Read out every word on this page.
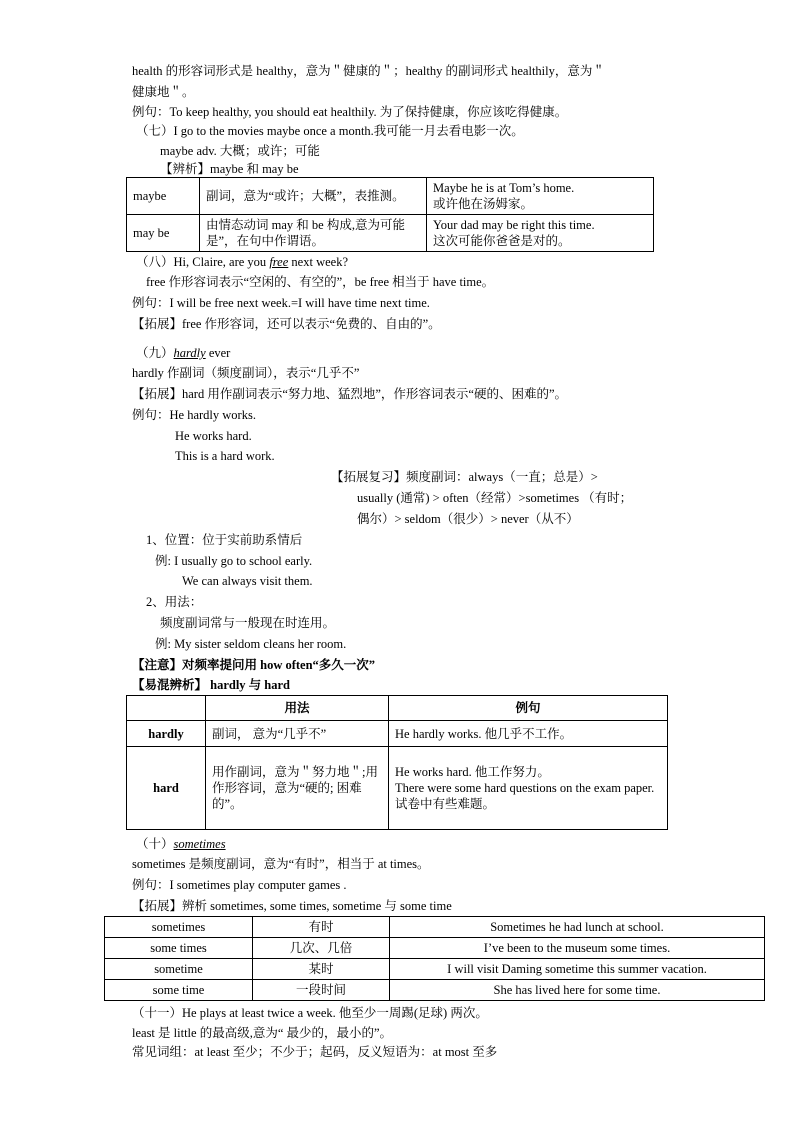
health 的形容词形式是 healthy，意为＂健康的＂；healthy 的副词形式 healthily，意为＂
健康地＂。
例句：To keep healthy, you should eat healthily. 为了保持健康，你应该吃得健康。
（七）I go to the movies maybe once a month.我可能一月去看电影一次。
maybe adv. 大概；或许；可能
【辨析】maybe 和 may be
maybe	副词，意为“或许；大概”，表推测。	Maybe he is at Tom’s home.
或许他在汤姆家。

may be	由情态动词 may 和 be 构成,意为可能是”，在句中作谓语。	Your dad may be right this time.
这次可能你爸爸是对的。
（八）Hi, Claire, are you free next week?
free 作形容词表示“空闲的、有空的”，be free 相当于 have time。
例句：I will be free next week.=I will have time next time.
【拓展】free 作形容词，还可以表示“免费的、自由的”。
（九）hardly ever
hardly 作副词（频度副词），表示“几乎不”
【拓展】hard 用作副词表示“努力地、猛烈地”，作形容词表示“硬的、困难的”。
例句：He hardly works.
He works hard.
This is a hard work.
【拓展复习】频度副词：always（一直；总是）>
usually (通常) > often（经常）>sometimes （有时；
偶尔）> seldom（很少）> never（从不）
1、位置：位于实前助系情后
例: I usually go to school early.
We can always visit them.
2、用法：
频度副词常与一般现在时连用。
例: My sister seldom cleans her room.
【注意】对频率提问用 how often“多久一次”
【易混辨析】 hardly 与 hard
	用法	例句
hardly	副词， 意为“几乎不”	He hardly works. 他几乎不工作。
hard	用作副词，意为＂努力地＂;用作形容词，意为“硬的; 困难的”。	He works hard. 他工作努力。
There were some hard questions on the exam paper.
试卷中有些难题。
（十）sometimes
sometimes 是频度副词，意为“有时”，相当于 at times。
例句：I sometimes play computer games .
【拓展】辨析 sometimes, some times, sometime 与 some time
sometimes	有时	Sometimes he had lunch at school.
some times	几次、几倍	I’ve been to the museum some times.
sometime	某时	I will visit Daming sometime this summer vacation.
some time	一段时间	She has lived here for some time.
（十一）He plays at least twice a week. 他至少一周踢(足球) 两次。
least 是 little 的最高级,意为“ 最少的，最小的”。
常见词组：at least 至少；不少于；起码，反义短语为：at most 至多
